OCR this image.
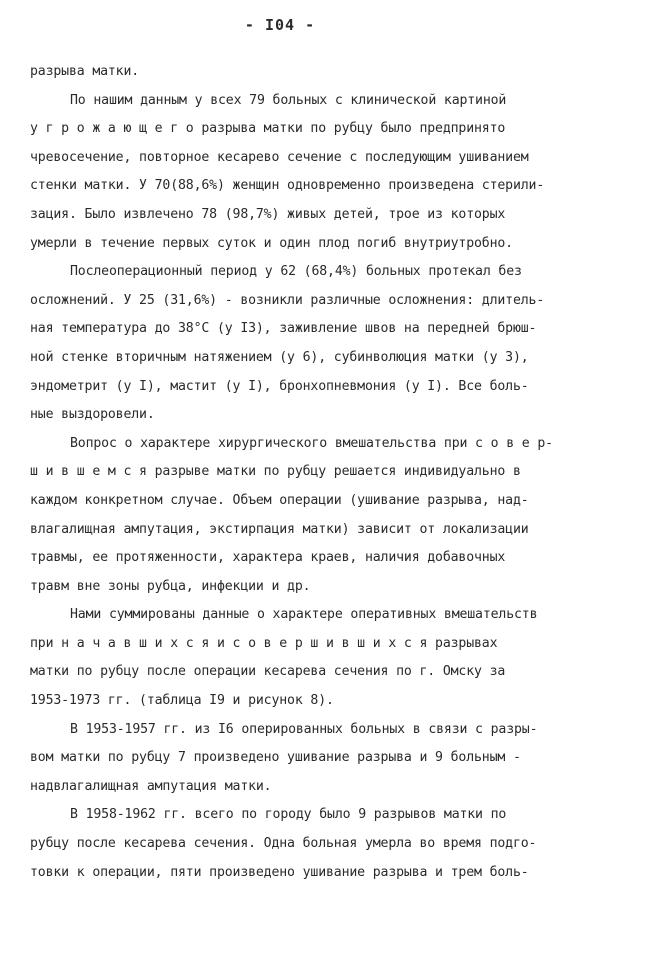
- I04 -
разрыва матки.
По нашим данным у всех 79 больных с клинической картиной
у г р о ж а ю щ е г о разрыва матки по рубцу было предпринято
чревосечение, повторное кесарево сечение с последующим ушиванием
стенки матки. У 70(88,6%) женщин одновременно произведена стерили-
зация. Было извлечено 78 (98,7%) живых детей, трое из которых
умерли в течение первых суток и один плод погиб внутриутробно.
Послеоперационный период у 62 (68,4%) больных протекал без
осложнений. У 25 (31,6%) - возникли различные осложнения: длитель-
ная температура до 38°С (у I3), заживление швов на передней брюш-
ной стенке вторичным натяжением (у 6), субинволюция матки (у 3),
эндометрит (у I), мастит (у I), бронхопневмония (у I). Все боль-
ные выздоровели.
Вопрос о характере хирургического вмешательства при с о в е р-
ш и в ш е м с я разрыве матки по рубцу решается индивидуально в
каждом конкретном случае. Объем операции (ушивание разрыва, над-
влагалищная ампутация, экстирпация матки) зависит от локализации
травмы, ее протяженности, характера краев, наличия добавочных
травм вне зоны рубца, инфекции и др.
Нами суммированы данные о характере оперативных вмешательств
при н а ч а в ш и х с я и с о в е р ш и в ш и х с я разрывах
матки по рубцу после операции кесарева сечения по г. Омску за
1953-1973 гг. (таблица I9 и рисунок 8).
В 1953-1957 гг. из I6 оперированных больных в связи с разры-
вом матки по рубцу 7 произведено ушивание разрыва и 9 больным -
надвлагалищная ампутация матки.
В 1958-1962 гг. всего по городу было 9 разрывов матки по
рубцу после кесарева сечения. Одна больная умерла во время подго-
товки к операции, пяти произведено ушивание разрыва и трем боль-
